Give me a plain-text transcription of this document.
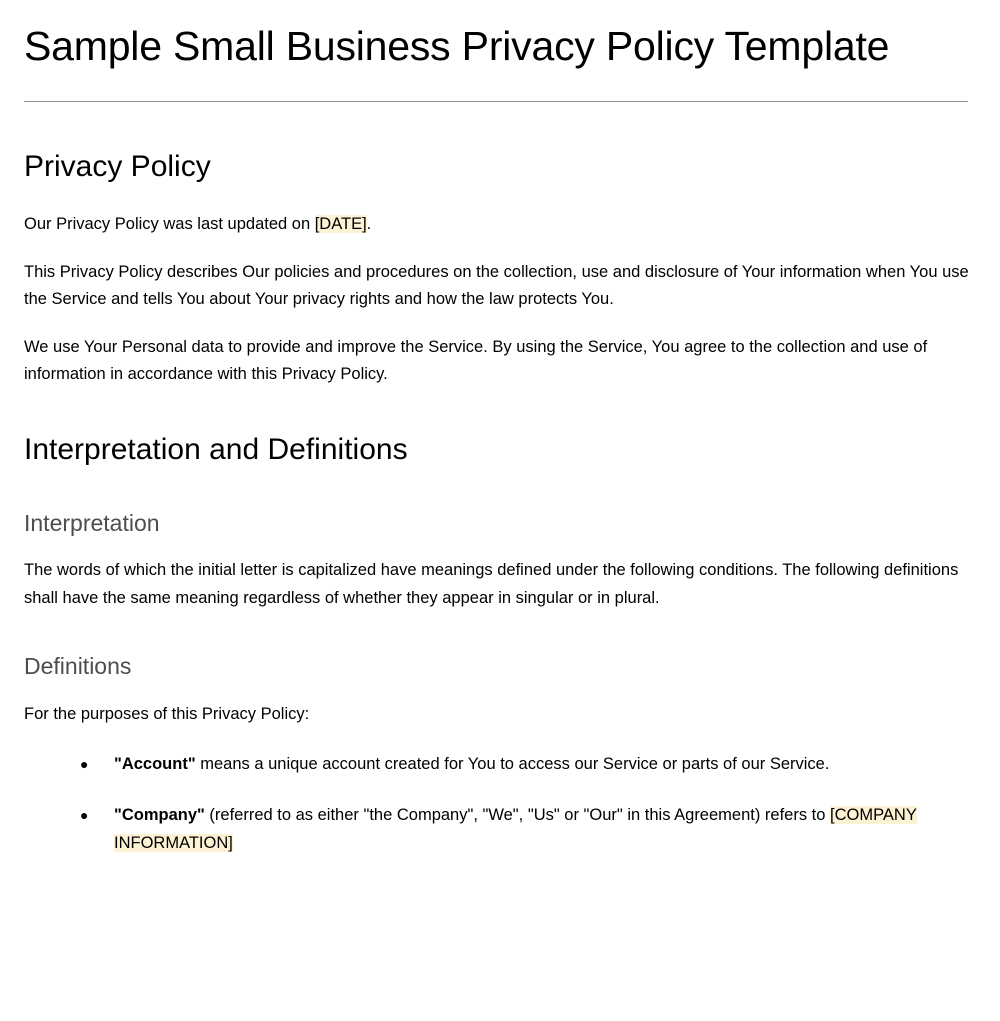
Sample Small Business Privacy Policy Template
Privacy Policy

Our Privacy Policy was last updated on [DATE].

This Privacy Policy describes Our policies and procedures on the collection, use and disclosure of Your information when You use the Service and tells You about Your privacy rights and how the law protects You.

We use Your Personal data to provide and improve the Service. By using the Service, You agree to the collection and use of information in accordance with this Privacy Policy.

Interpretation and Definitions
Interpretation

The words of which the initial letter is capitalized have meanings defined under the following conditions. The following definitions shall have the same meaning regardless of whether they appear in singular or in plural.

Definitions

For the purposes of this Privacy Policy:

● "Account" means a unique account created for You to access our Service or parts of our Service.
● "Company" (referred to as either "the Company", "We", "Us" or "Our" in this Agreement) refers to [COMPANY INFORMATION]
